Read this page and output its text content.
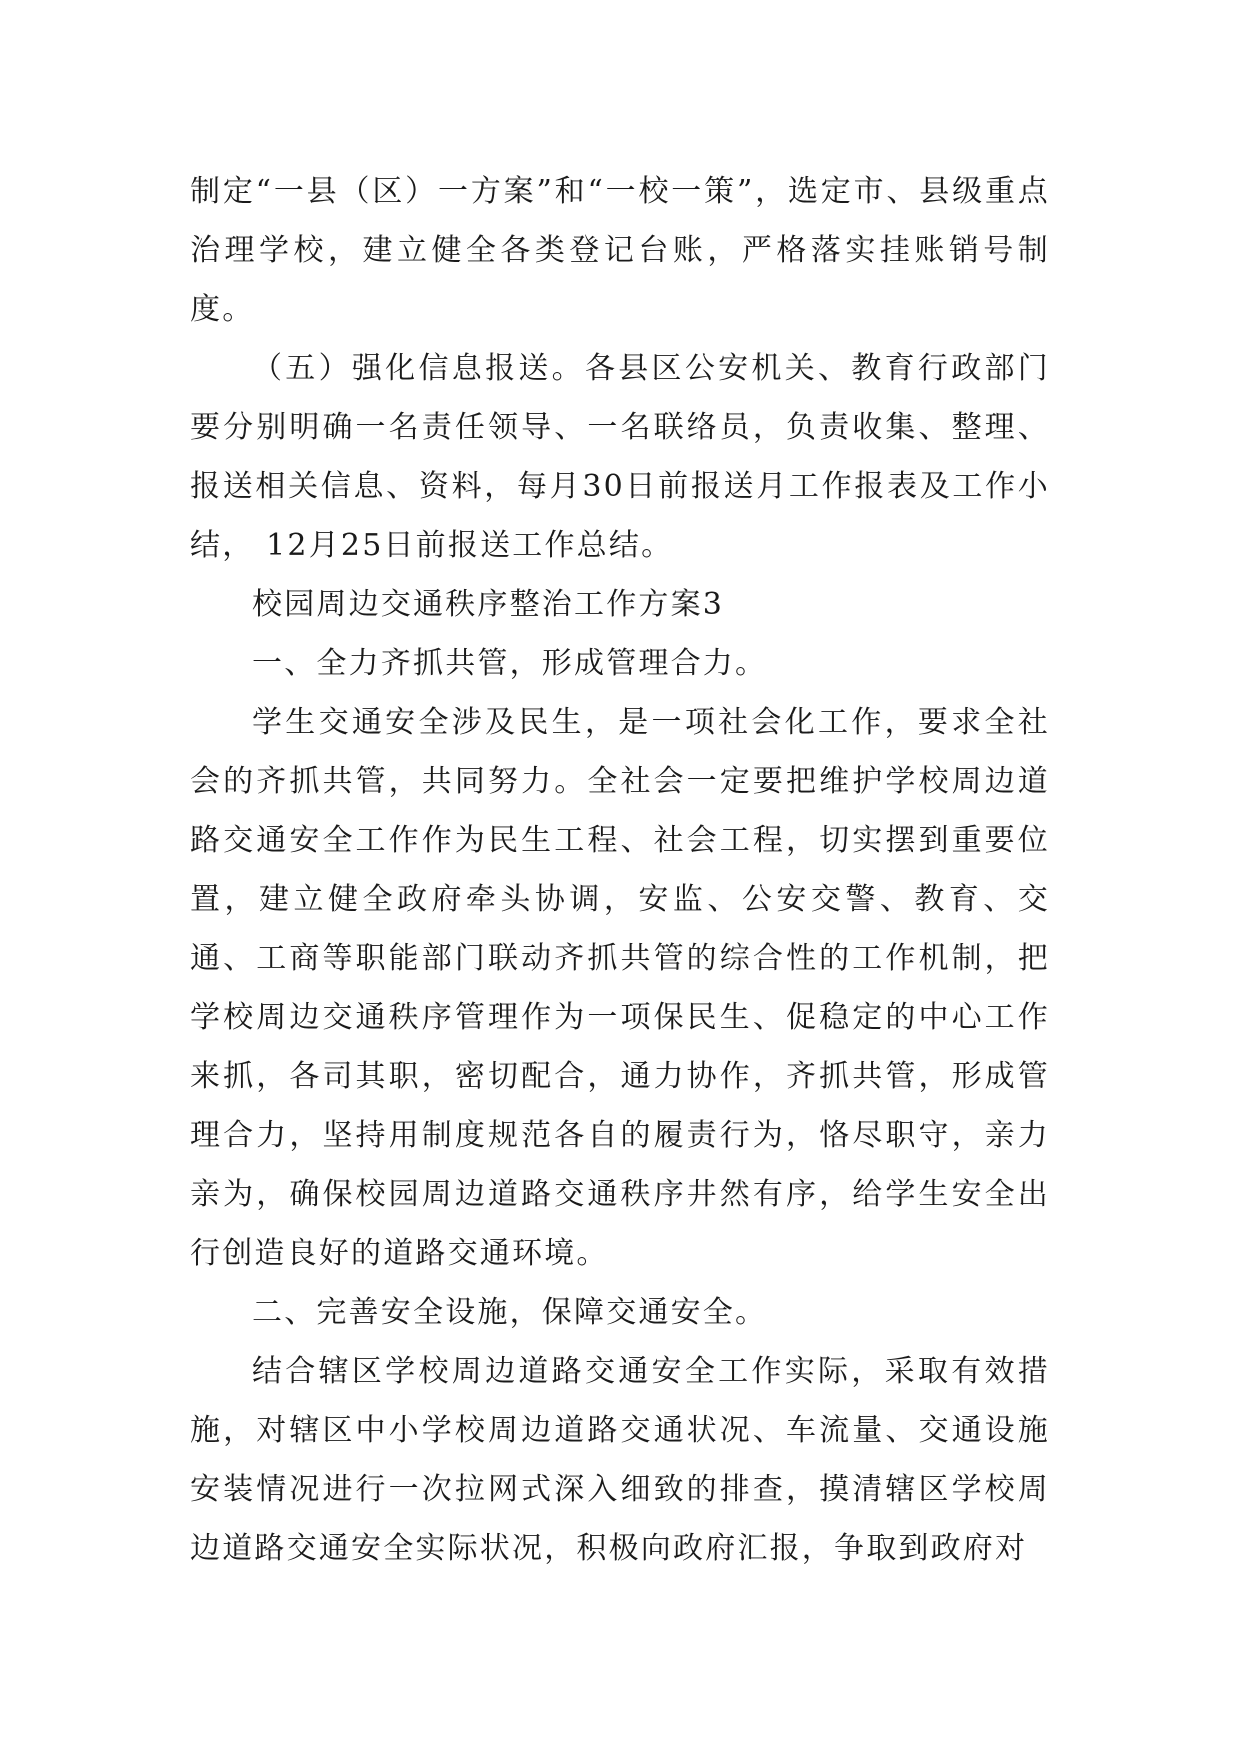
制定“一县（区）一方案”和“一校一策”，选定市、县级重点治理学校，建立健全各类登记台账，严格落实挂账销号制度。

（五）强化信息报送。各县区公安机关、教育行政部门要分别明确一名责任领导、一名联络员，负责收集、整理、报送相关信息、资料，每月30日前报送月工作报表及工作小结， 12月25日前报送工作总结。

校园周边交通秩序整治工作方案3

一、全力齐抓共管，形成管理合力。

学生交通安全涉及民生，是一项社会化工作，要求全社会的齐抓共管，共同努力。全社会一定要把维护学校周边道路交通安全工作作为民生工程、社会工程，切实摆到重要位置，建立健全政府牵头协调，安监、公安交警、教育、交通、工商等职能部门联动齐抓共管的综合性的工作机制，把学校周边交通秩序管理作为一项保民生、促稳定的中心工作来抓，各司其职，密切配合，通力协作，齐抓共管，形成管理合力，坚持用制度规范各自的履责行为，恪尽职守，亲力亲为，确保校园周边道路交通秩序井然有序，给学生安全出行创造良好的道路交通环境。

二、完善安全设施，保障交通安全。

结合辖区学校周边道路交通安全工作实际，采取有效措施，对辖区中小学校周边道路交通状况、车流量、交通设施安装情况进行一次拉网式深入细致的排查，摸清辖区学校周边道路交通安全实际状况，积极向政府汇报，争取到政府对
